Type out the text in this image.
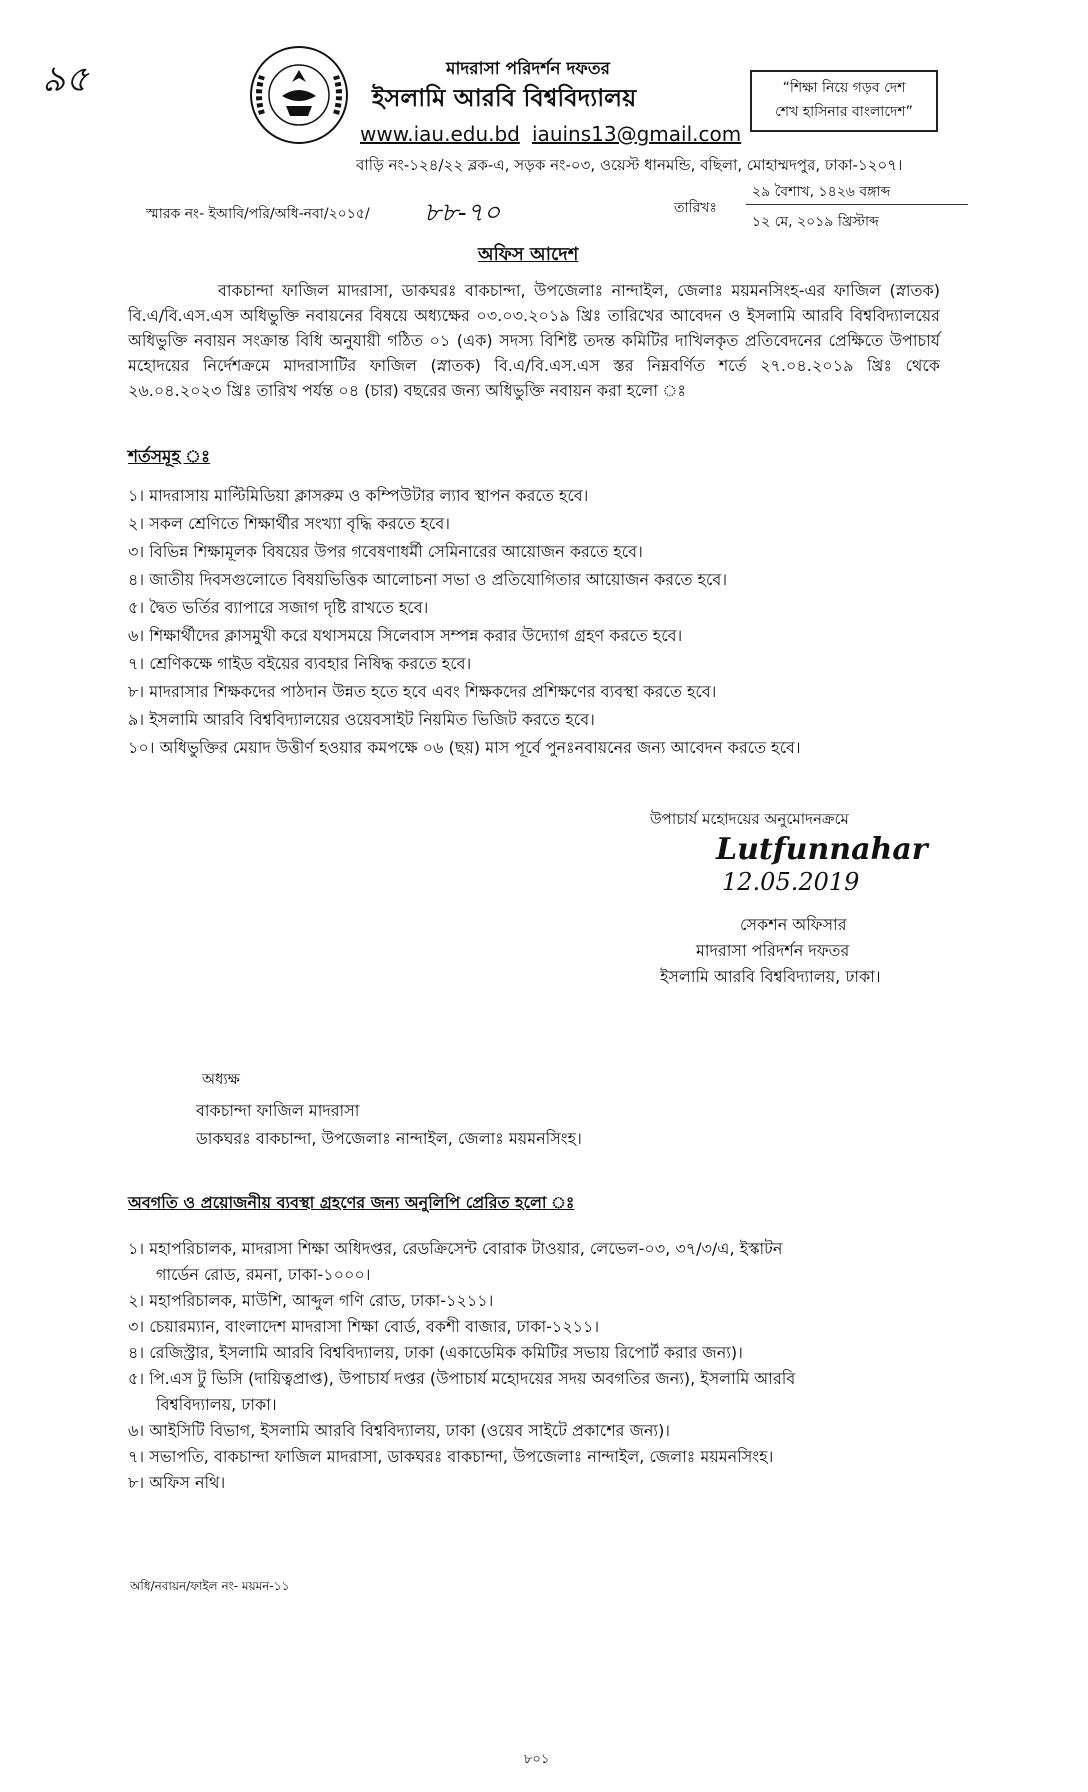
৯৫	মাদরাসা পরিদর্শন দফতর
ইসলামি আরবি বিশ্ববিদ্যালয়
www.iau.edu.bd iauins13@gmail.com
বাড়ি নং-১২৪/২২ ব্লক-এ, সড়ক নং-০৩, ওয়েস্ট ধানমন্ডি, বছিলা, মোহাম্মদপুর, ঢাকা-১২০৭।
“শিক্ষা নিয়ে গড়ব দেশ
শেখ হাসিনার বাংলাদেশ”
স্মারক নং- ইআবি/পরি/অধি-নবা/২০১৫/ ৮৮-৭০	তারিখঃ
২৯ বৈশাখ, ১৪২৬ বঙ্গাব্দ
১২ মে, ২০১৯ খ্রিস্টাব্দ
অফিস আদেশ
বাকচান্দা ফাজিল মাদরাসা, ডাকঘরঃ বাকচান্দা, উপজেলাঃ নান্দাইল, জেলাঃ ময়মনসিংহ-এর ফাজিল (স্নাতক) বি.এ/বি.এস.এস অধিভুক্তি নবায়নের বিষয়ে অধ্যক্ষের ০৩.০৩.২০১৯ খ্রিঃ তারিখের আবেদন ও ইসলামি আরবি বিশ্ববিদ্যালয়ের অধিভুক্তি নবায়ন সংক্রান্ত বিধি অনুযায়ী গঠিত ০১ (এক) সদস্য বিশিষ্ট তদন্ত কমিটির দাখিলকৃত প্রতিবেদনের প্রেক্ষিতে উপাচার্য মহোদয়ের নির্দেশক্রমে মাদরাসাটির ফাজিল (স্নাতক) বি.এ/বি.এস.এস স্তর নিম্নবর্ণিত শর্তে ২৭.০৪.২০১৯ খ্রিঃ থেকে ২৬.০৪.২০২৩ খ্রিঃ তারিখ পর্যন্ত ০৪ (চার) বছরের জন্য অধিভুক্তি নবায়ন করা হলো ঃ
শর্তসমূহ ঃ
১। মাদরাসায় মাল্টিমিডিয়া ক্লাসরুম ও কম্পিউটার ল্যাব স্থাপন করতে হবে।
২। সকল শ্রেণিতে শিক্ষার্থীর সংখ্যা বৃদ্ধি করতে হবে।
৩। বিভিন্ন শিক্ষামূলক বিষয়ের উপর গবেষণাধর্মী সেমিনারের আয়োজন করতে হবে।
৪। জাতীয় দিবসগুলোতে বিষয়ভিত্তিক আলোচনা সভা ও প্রতিযোগিতার আয়োজন করতে হবে।
৫। দ্বৈত ভর্তির ব্যাপারে সজাগ দৃষ্টি রাখতে হবে।
৬। শিক্ষার্থীদের ক্লাসমুখী করে যথাসময়ে সিলেবাস সম্পন্ন করার উদ্যোগ গ্রহণ করতে হবে।
৭। শ্রেণিকক্ষে গাইড বইয়ের ব্যবহার নিষিদ্ধ করতে হবে।
৮। মাদরাসার শিক্ষকদের পাঠদান উন্নত হতে হবে এবং শিক্ষকদের প্রশিক্ষণের ব্যবস্থা করতে হবে।
৯। ইসলামি আরবি বিশ্ববিদ্যালয়ের ওয়েবসাইট নিয়মিত ভিজিট করতে হবে।
১০। অধিভুক্তির মেয়াদ উত্তীর্ণ হওয়ার কমপক্ষে ০৬ (ছয়) মাস পূর্বে পুনঃনবায়নের জন্য আবেদন করতে হবে।
উপাচার্য মহোদয়ের অনুমোদনক্রমে
Lutfunnahar
12.05.2019
সেকশন অফিসার
মাদরাসা পরিদর্শন দফতর
ইসলামি আরবি বিশ্ববিদ্যালয়, ঢাকা।
অধ্যক্ষ
বাকচান্দা ফাজিল মাদরাসা
ডাকঘরঃ বাকচান্দা, উপজেলাঃ নান্দাইল, জেলাঃ ময়মনসিংহ।
অবগতি ও প্রয়োজনীয় ব্যবস্থা গ্রহণের জন্য অনুলিপি প্রেরিত হলো ঃ
১। মহাপরিচালক, মাদরাসা শিক্ষা অধিদপ্তর, রেডক্রিসেন্ট বোরাক টাওয়ার, লেভেল-০৩, ৩৭/৩/এ, ইস্কাটন
গার্ডেন রোড, রমনা, ঢাকা-১০০০।
২। মহাপরিচালক, মাউশি, আব্দুল গণি রোড, ঢাকা-১২১১।
৩। চেয়ারম্যান, বাংলাদেশ মাদরাসা শিক্ষা বোর্ড, বকশী বাজার, ঢাকা-১২১১।
৪। রেজিস্ট্রার, ইসলামি আরবি বিশ্ববিদ্যালয়, ঢাকা (একাডেমিক কমিটির সভায় রিপোর্ট করার জন্য)।
৫। পি.এস টু ভিসি (দায়িত্বপ্রাপ্ত), উপাচার্য দপ্তর (উপাচার্য মহোদয়ের সদয় অবগতির জন্য), ইসলামি আরবি
বিশ্ববিদ্যালয়, ঢাকা।
৬। আইসিটি বিভাগ, ইসলামি আরবি বিশ্ববিদ্যালয়, ঢাকা (ওয়েব সাইটে প্রকাশের জন্য)।
৭। সভাপতি, বাকচান্দা ফাজিল মাদরাসা, ডাকঘরঃ বাকচান্দা, উপজেলাঃ নান্দাইল, জেলাঃ ময়মনসিংহ।
৮। অফিস নথি।
অধি/নবায়ন/ফাইল নং- ময়মন-১১
৮০১
